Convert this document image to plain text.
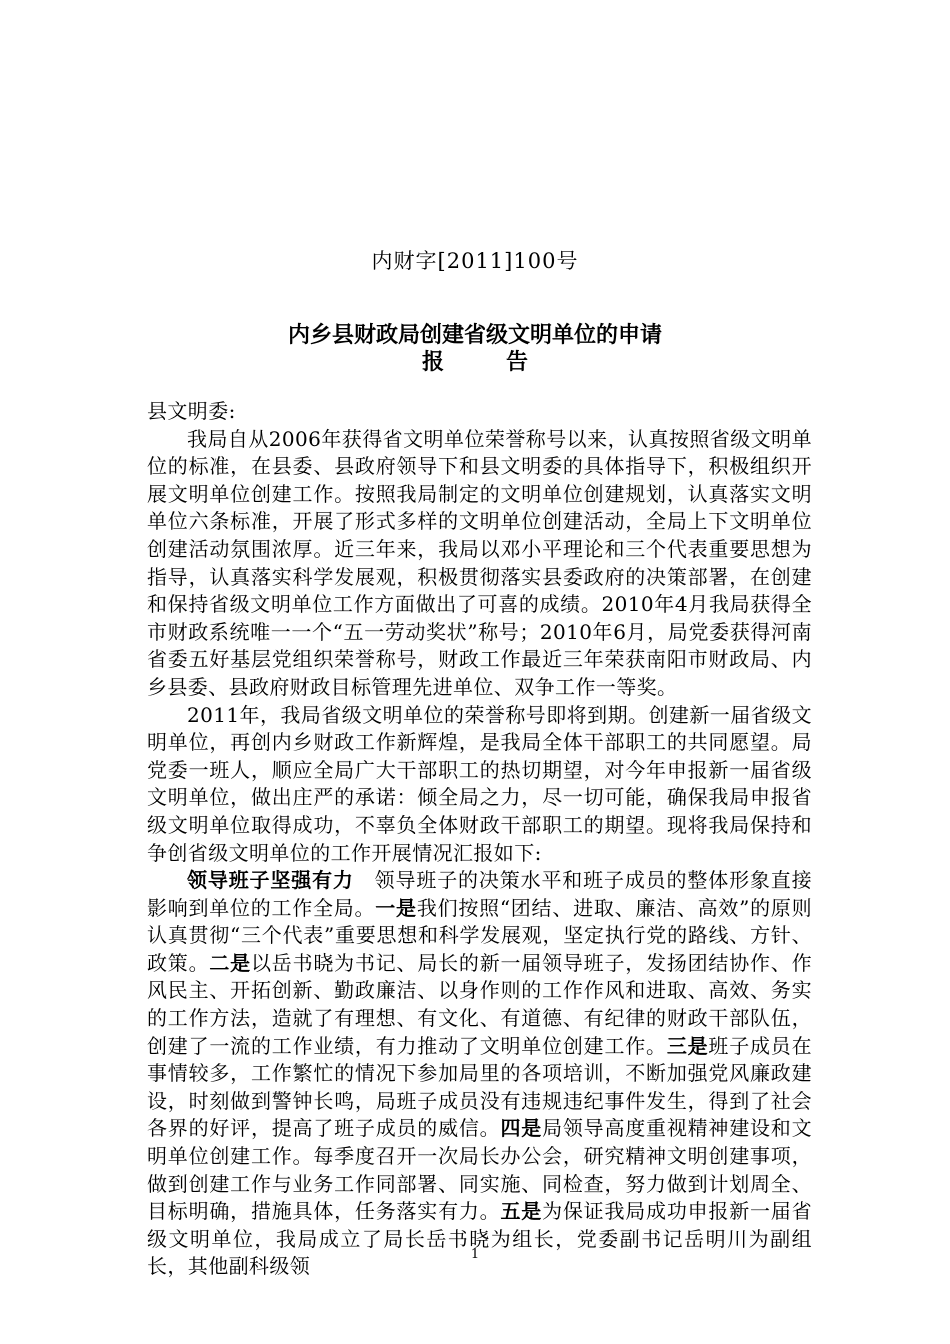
内财字[2011]100号
内乡县财政局创建省级文明单位的申请
报告

县文明委:

我局自从2006年获得省文明单位荣誉称号以来，认真按照省级文明单位的标准，在县委、县政府领导下和县文明委的具体指导下，积极组织开展文明单位创建工作。按照我局制定的文明单位创建规划，认真落实文明单位六条标准，开展了形式多样的文明单位创建活动，全局上下文明单位创建活动氛围浓厚。近三年来，我局以邓小平理论和三个代表重要思想为指导，认真落实科学发展观，积极贯彻落实县委政府的决策部署，在创建和保持省级文明单位工作方面做出了可喜的成绩。2010年4月我局获得全市财政系统唯一一个“五一劳动奖状”称号；2010年6月，局党委获得河南省委五好基层党组织荣誉称号，财政工作最近三年荣获南阳市财政局、内乡县委、县政府财政目标管理先进单位、双争工作一等奖。

2011年，我局省级文明单位的荣誉称号即将到期。创建新一届省级文明单位，再创内乡财政工作新辉煌，是我局全体干部职工的共同愿望。局党委一班人，顺应全局广大干部职工的热切期望，对今年申报新一届省级文明单位，做出庄严的承诺：倾全局之力，尽一切可能，确保我局申报省级文明单位取得成功，不辜负全体财政干部职工的期望。现将我局保持和争创省级文明单位的工作开展情况汇报如下:

领导班子坚强有力　 领导班子的决策水平和班子成员的整体形象直接影响到单位的工作全局。一是我们按照“团结、进取、廉洁、高效”的原则认真贯彻“三个代表”重要思想和科学发展观，坚定执行党的路线、方针、政策。二是以岳书晓为书记、局长的新一届领导班子，发扬团结协作、作风民主、开拓创新、勤政廉洁、以身作则的工作作风和进取、高效、务实的工作方法，造就了有理想、有文化、有道德、有纪律的财政干部队伍，创建了一流的工作业绩，有力推动了文明单位创建工作。三是班子成员在事情较多，工作繁忙的情况下参加局里的各项培训，不断加强党风廉政建设，时刻做到警钟长鸣，局班子成员没有违规违纪事件发生，得到了社会各界的好评，提高了班子成员的威信。四是局领导高度重视精神建设和文明单位创建工作。每季度召开一次局长办公会，研究精神文明创建事项，做到创建工作与业务工作同部署、同实施、同检查，努力做到计划周全、目标明确，措施具体，任务落实有力。五是为保证我局成功申报新一届省级文明单位，我局成立了局长岳书晓为组长，党委副书记岳明川为副组长，其他副科级领	1
